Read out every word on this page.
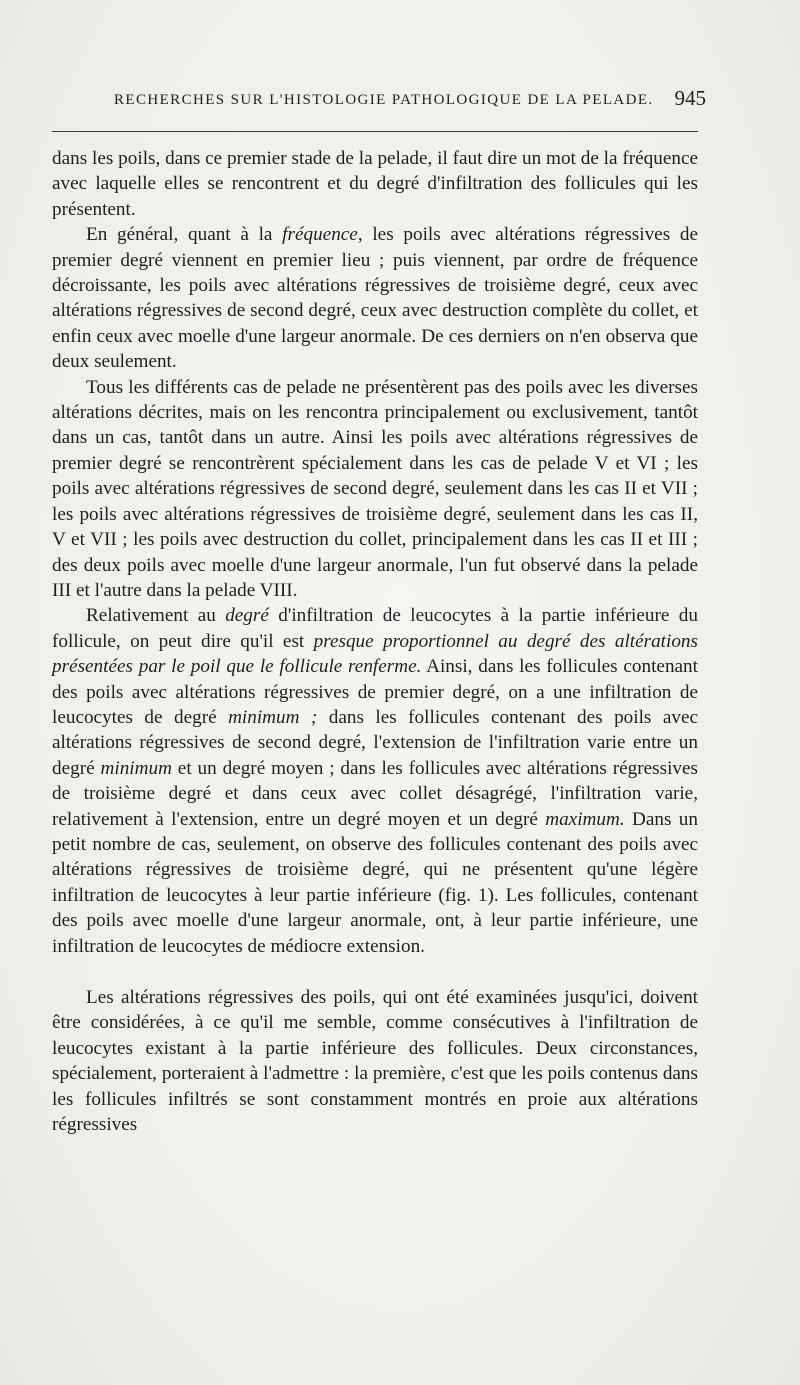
RECHERCHES SUR L'HISTOLOGIE PATHOLOGIQUE DE LA PELADE. 945

dans les poils, dans ce premier stade de la pelade, il faut dire un mot de la fréquence avec laquelle elles se rencontrent et du degré d'infiltration des follicules qui les présentent.

En général, quant à la fréquence, les poils avec altérations régressives de premier degré viennent en premier lieu ; puis viennent, par ordre de fréquence décroissante, les poils avec altérations régressives de troisième degré, ceux avec altérations régressives de second degré, ceux avec destruction complète du collet, et enfin ceux avec moelle d'une largeur anormale. De ces derniers on n'en observa que deux seulement.

Tous les différents cas de pelade ne présentèrent pas des poils avec les diverses altérations décrites, mais on les rencontra principalement ou exclusivement, tantôt dans un cas, tantôt dans un autre. Ainsi les poils avec altérations régressives de premier degré se rencontrèrent spécialement dans les cas de pelade V et VI ; les poils avec altérations régressives de second degré, seulement dans les cas II et VII ; les poils avec altérations régressives de troisième degré, seulement dans les cas II, V et VII ; les poils avec destruction du collet, principalement dans les cas II et III ; des deux poils avec moelle d'une largeur anormale, l'un fut observé dans la pelade III et l'autre dans la pelade VIII.

Relativement au degré d'infiltration de leucocytes à la partie inférieure du follicule, on peut dire qu'il est presque proportionnel au degré des altérations présentées par le poil que le follicule renferme. Ainsi, dans les follicules contenant des poils avec altérations régressives de premier degré, on a une infiltration de leucocytes de degré minimum ; dans les follicules contenant des poils avec altérations régressives de second degré, l'extension de l'infiltration varie entre un degré minimum et un degré moyen ; dans les follicules avec altérations régressives de troisième degré et dans ceux avec collet désagrégé, l'infiltration varie, relativement à l'extension, entre un degré moyen et un degré maximum. Dans un petit nombre de cas, seulement, on observe des follicules contenant des poils avec altérations régressives de troisième degré, qui ne présentent qu'une légère infiltration de leucocytes à leur partie inférieure (fig. 1). Les follicules, contenant des poils avec moelle d'une largeur anormale, ont, à leur partie inférieure, une infiltration de leucocytes de médiocre extension.

Les altérations régressives des poils, qui ont été examinées jusqu'ici, doivent être considérées, à ce qu'il me semble, comme consécutives à l'infiltration de leucocytes existant à la partie inférieure des follicules. Deux circonstances, spécialement, porteraient à l'admettre : la première, c'est que les poils contenus dans les follicules infiltrés se sont constamment montrés en proie aux altérations régressives
